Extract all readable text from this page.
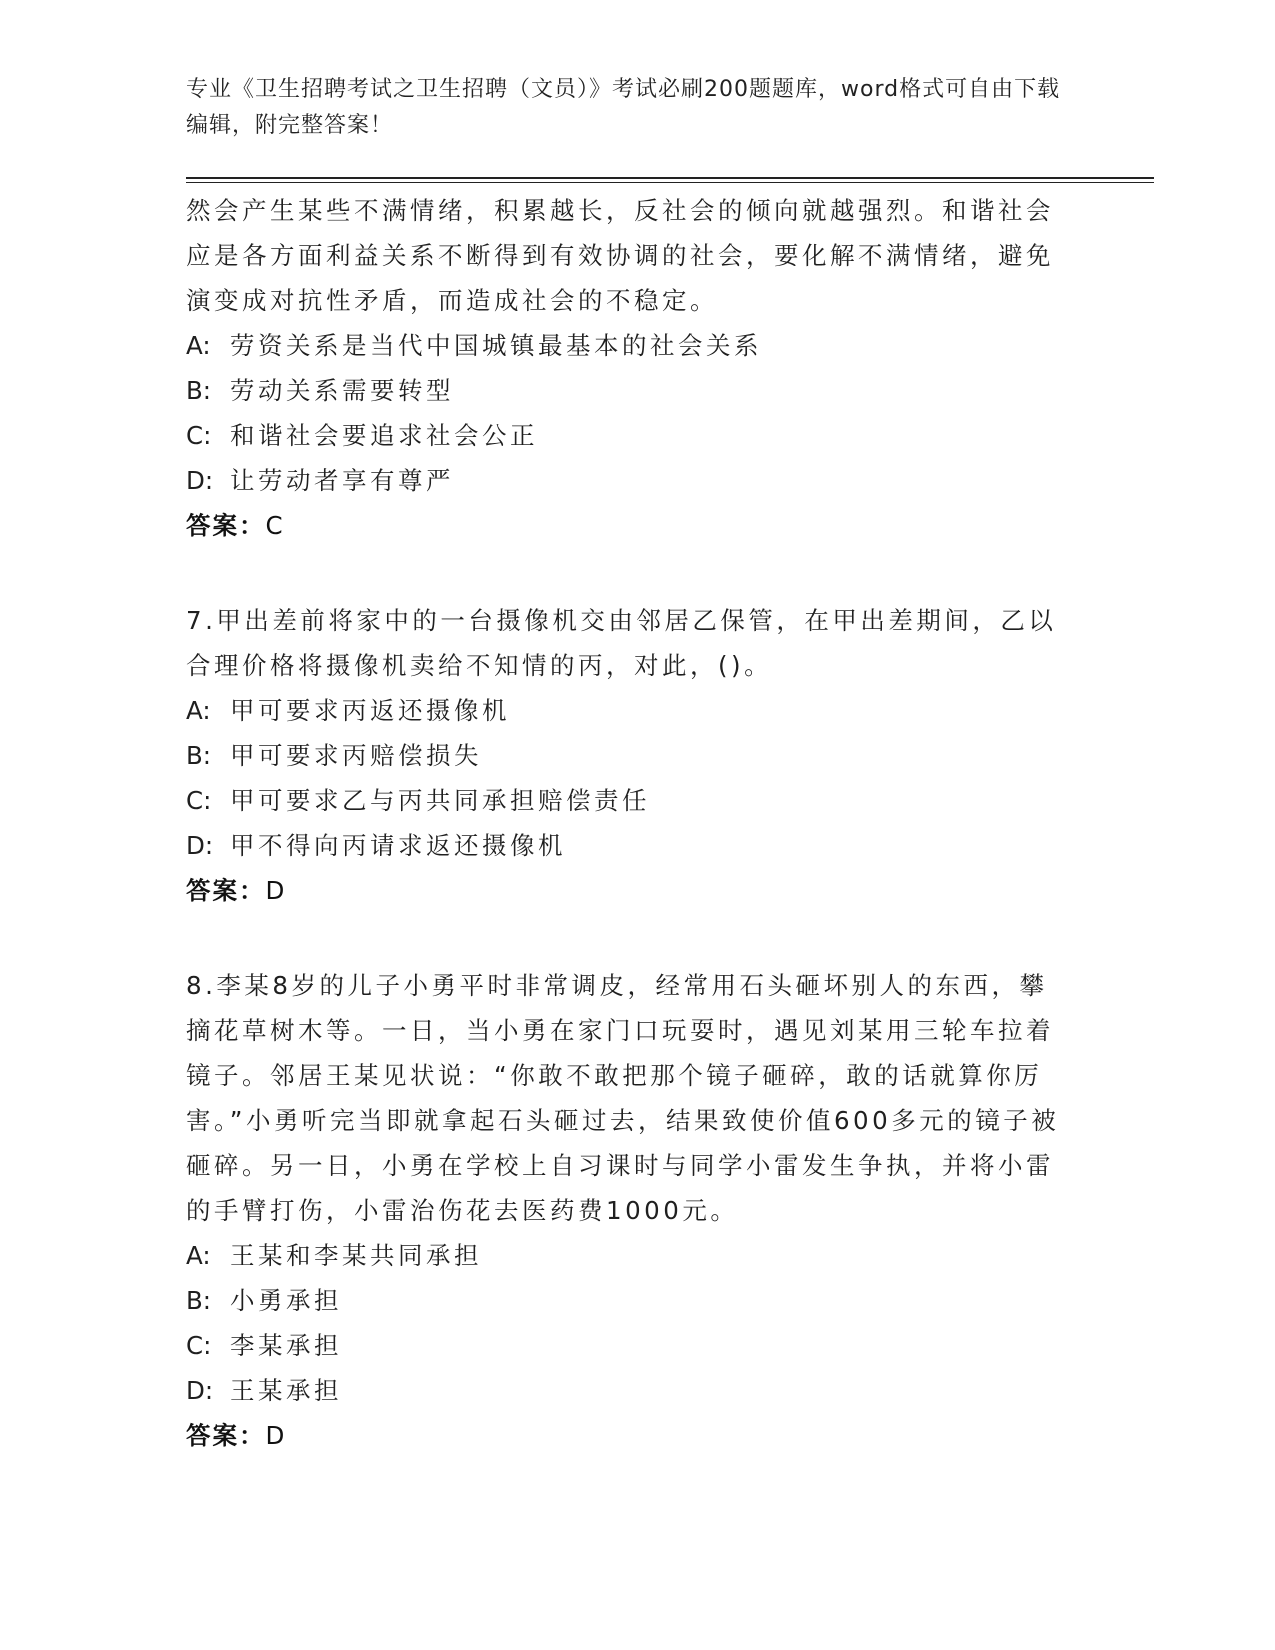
专业《卫生招聘考试之卫生招聘（文员）》考试必刷200题题库，word格式可自由下载编辑，附完整答案！

然会产生某些不满情绪，积累越长，反社会的倾向就越强烈。和谐社会应是各方面利益关系不断得到有效协调的社会，要化解不满情绪，避免演变成对抗性矛盾，而造成社会的不稳定。

A: 劳资关系是当代中国城镇最基本的社会关系

B: 劳动关系需要转型

C: 和谐社会要追求社会公正

D: 让劳动者享有尊严

答案：C

7.甲出差前将家中的一台摄像机交由邻居乙保管，在甲出差期间，乙以合理价格将摄像机卖给不知情的丙，对此，()。

A: 甲可要求丙返还摄像机

B: 甲可要求丙赔偿损失

C: 甲可要求乙与丙共同承担赔偿责任

D: 甲不得向丙请求返还摄像机

答案：D

8.李某8岁的儿子小勇平时非常调皮，经常用石头砸坏别人的东西，攀摘花草树木等。一日，当小勇在家门口玩耍时，遇见刘某用三轮车拉着镜子。邻居王某见状说：“你敢不敢把那个镜子砸碎，敢的话就算你厉害。”小勇听完当即就拿起石头砸过去，结果致使价值600多元的镜子被砸碎。另一日，小勇在学校上自习课时与同学小雷发生争执，并将小雷的手臂打伤，小雷治伤花去医药费1000元。

A: 王某和李某共同承担

B: 小勇承担

C: 李某承担

D: 王某承担

答案：D
